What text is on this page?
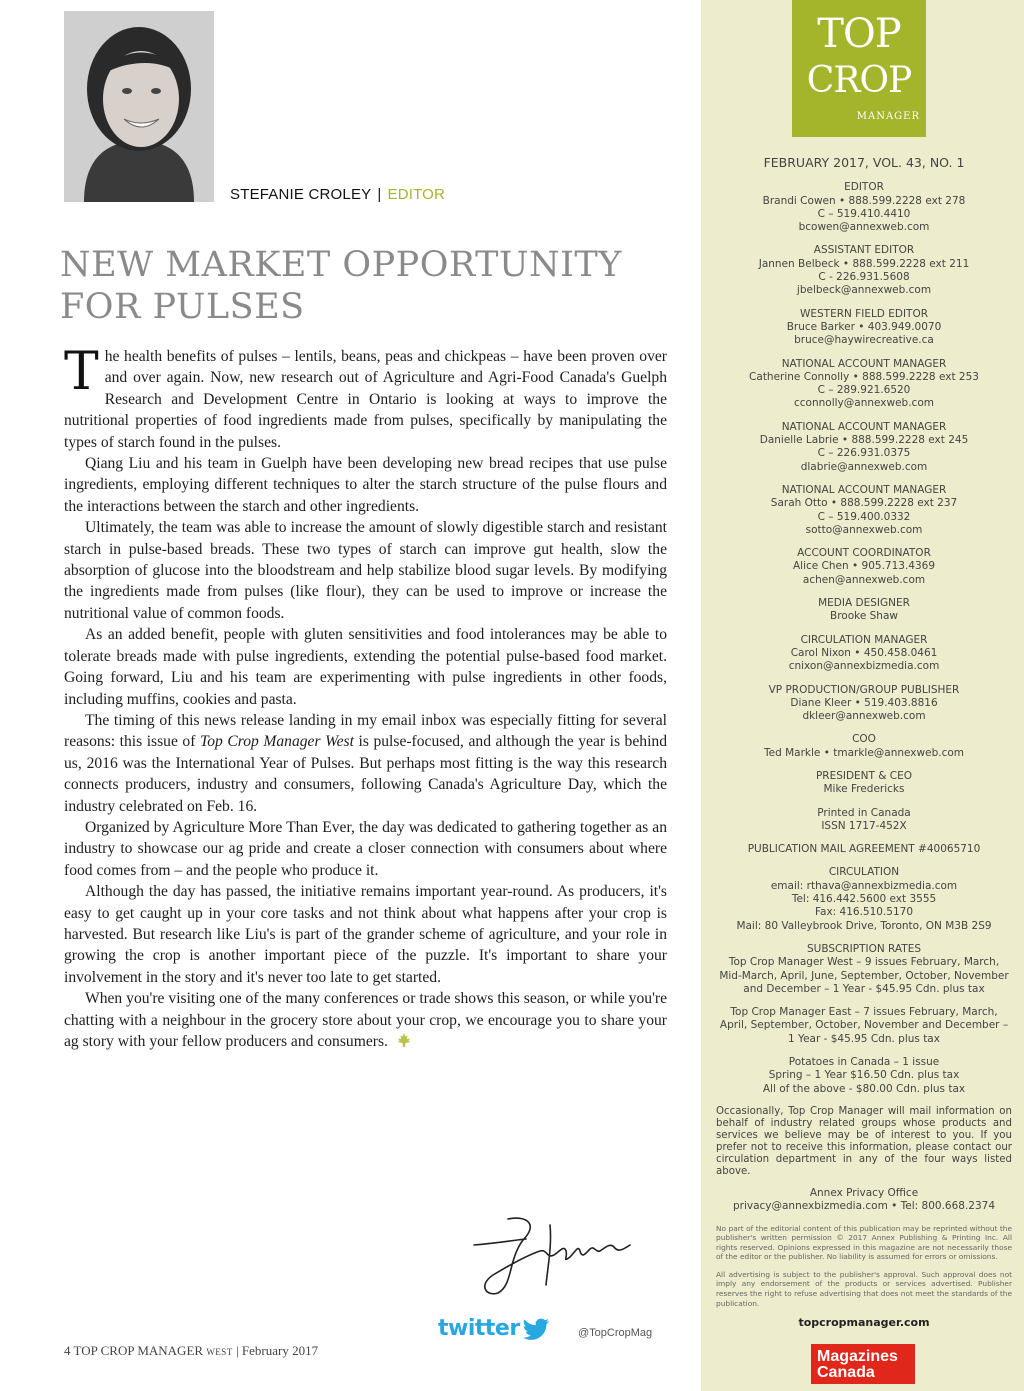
STEFANIE CROLEY | EDITOR
NEW MARKET OPPORTUNITY
FOR PULSES

The health benefits of pulses – lentils, beans, peas and chickpeas – have been proven over and over again. Now, new research out of Agriculture and Agri-Food Canada's Guelph Research and Development Centre in Ontario is looking at ways to improve the nutritional properties of food ingredients made from pulses, specifically by manipulating the types of starch found in the pulses.

Qiang Liu and his team in Guelph have been developing new bread recipes that use pulse ingredients, employing different techniques to alter the starch structure of the pulse flours and the interactions between the starch and other ingredients.

Ultimately, the team was able to increase the amount of slowly digestible starch and resistant starch in pulse-based breads. These two types of starch can improve gut health, slow the absorption of glucose into the bloodstream and help stabilize blood sugar levels. By modifying the ingredients made from pulses (like flour), they can be used to improve or increase the nutritional value of common foods.

As an added benefit, people with gluten sensitivities and food intolerances may be able to tolerate breads made with pulse ingredients, extending the potential pulse-based food market. Going forward, Liu and his team are experimenting with pulse ingredients in other foods, including muffins, cookies and pasta.

The timing of this news release landing in my email inbox was especially fitting for several reasons: this issue of Top Crop Manager West is pulse-focused, and although the year is behind us, 2016 was the International Year of Pulses. But perhaps most fitting is the way this research connects producers, industry and consumers, following Canada's Agriculture Day, which the industry celebrated on Feb. 16.

Organized by Agriculture More Than Ever, the day was dedicated to gathering together as an industry to showcase our ag pride and create a closer connection with consumers about where food comes from – and the people who produce it.

Although the day has passed, the initiative remains important year-round. As producers, it's easy to get caught up in your core tasks and not think about what happens after your crop is harvested. But research like Liu's is part of the grander scheme of agriculture, and your role in growing the crop is another important piece of the puzzle. It's important to share your involvement in the story and it's never too late to get started.

When you're visiting one of the many conferences or trade shows this season, or while you're chatting with a neighbour in the grocery store about your crop, we encourage you to share your ag story with your fellow producers and consumers.

twitter	@TopCropMag
4 TOP CROP MANAGER WEST | February 2017
TOP
CROP
MANAGER
FEBRUARY 2017, VOL. 43, NO. 1
EDITOR
Brandi Cowen • 888.599.2228 ext 278
C – 519.410.4410
bcowen@annexweb.com
ASSISTANT EDITOR
Jannen Belbeck • 888.599.2228 ext 211
C - 226.931.5608
jbelbeck@annexweb.com
WESTERN FIELD EDITOR
Bruce Barker • 403.949.0070
bruce@haywirecreative.ca
NATIONAL ACCOUNT MANAGER
Catherine Connolly • 888.599.2228 ext 253
C – 289.921.6520
cconnolly@annexweb.com
NATIONAL ACCOUNT MANAGER
Danielle Labrie • 888.599.2228 ext 245
C – 226.931.0375
dlabrie@annexweb.com
NATIONAL ACCOUNT MANAGER
Sarah Otto • 888.599.2228 ext 237
C – 519.400.0332
sotto@annexweb.com
ACCOUNT COORDINATOR
Alice Chen • 905.713.4369
achen@annexweb.com
MEDIA DESIGNER
Brooke Shaw
CIRCULATION MANAGER
Carol Nixon • 450.458.0461
cnixon@annexbizmedia.com
VP PRODUCTION/GROUP PUBLISHER
Diane Kleer • 519.403.8816
dkleer@annexweb.com
COO
Ted Markle • tmarkle@annexweb.com
PRESIDENT & CEO
Mike Fredericks
Printed in Canada
ISSN 1717-452X
PUBLICATION MAIL AGREEMENT #40065710
CIRCULATION
email: rthava@annexbizmedia.com
Tel: 416.442.5600 ext 3555
Fax: 416.510.5170
Mail: 80 Valleybrook Drive, Toronto, ON M3B 2S9
SUBSCRIPTION RATES
Top Crop Manager West – 9 issues February, March, Mid-March, April, June, September, October, November and December – 1 Year - $45.95 Cdn. plus tax
Top Crop Manager East – 7 issues February, March, April, September, October, November and December – 1 Year - $45.95 Cdn. plus tax
Potatoes in Canada – 1 issue
Spring – 1 Year $16.50 Cdn. plus tax
All of the above - $80.00 Cdn. plus tax
Occasionally, Top Crop Manager will mail information on behalf of industry related groups whose products and services we believe may be of interest to you. If you prefer not to receive this information, please contact our circulation department in any of the four ways listed above.
Annex Privacy Office
privacy@annexbizmedia.com • Tel: 800.668.2374
No part of the editorial content of this publication may be reprinted without the publisher's written permission © 2017 Annex Publishing & Printing Inc. All rights reserved. Opinions expressed in this magazine are not necessarily those of the editor or the publisher. No liability is assumed for errors or omissions.
All advertising is subject to the publisher's approval. Such approval does not imply any endorsement of the products or services advertised. Publisher reserves the right to refuse advertising that does not meet the standards of the publication.
topcropmanager.com
Magazines
Canada
